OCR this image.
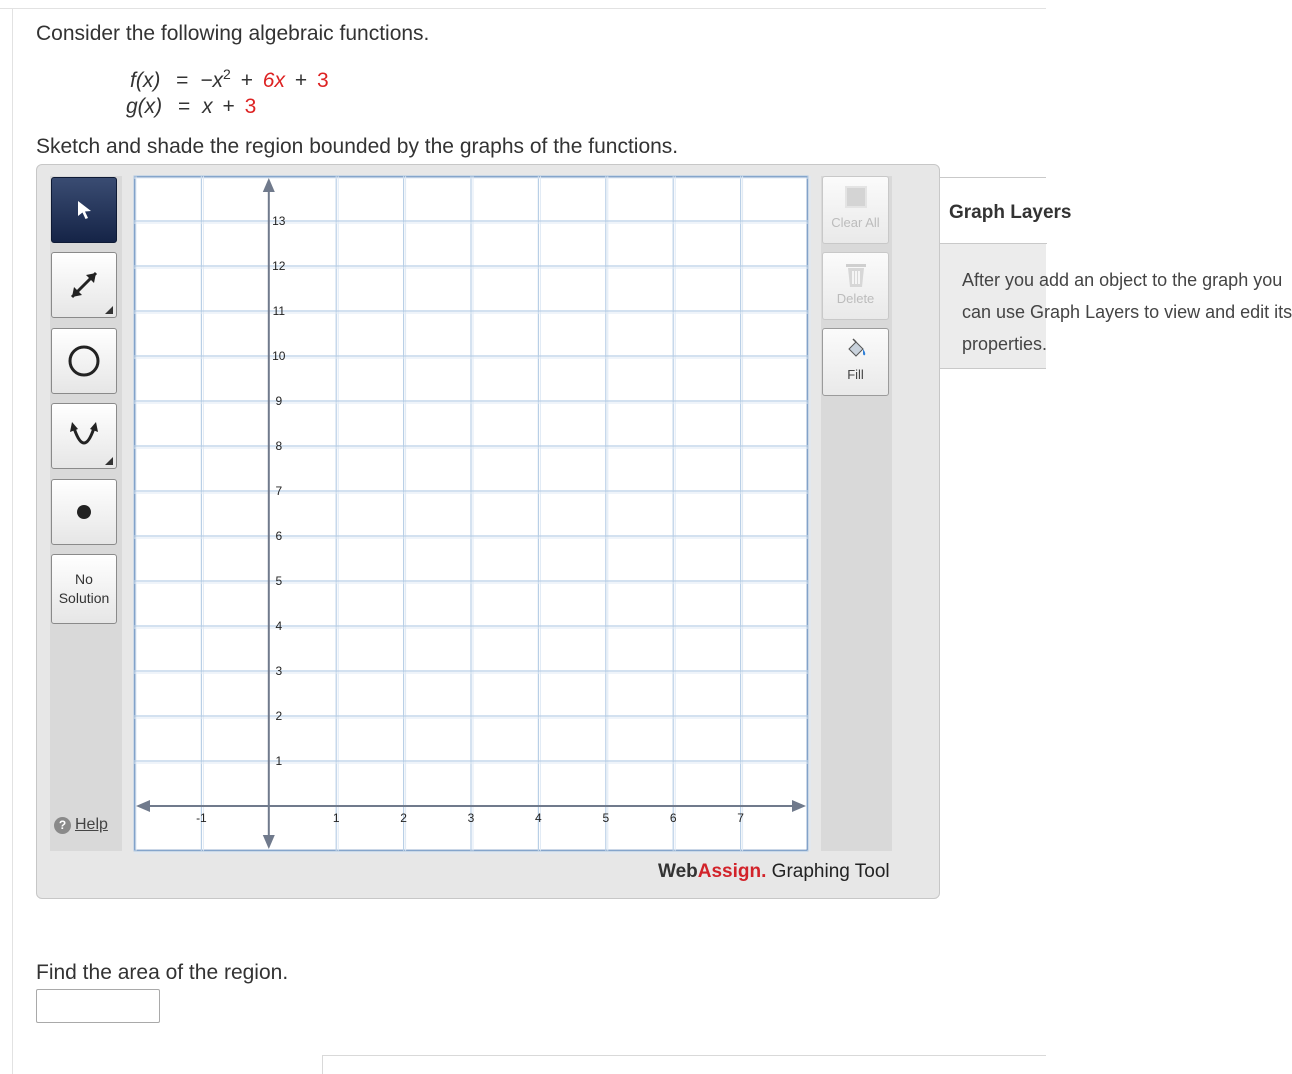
Consider the following algebraic functions.
$f(x) = -x^2 + 6x + 3$
g(x) = x + 3
Sketch and shade the region bounded by the graphs of the functions.
No
Solution
? Help
Clear All
Delete
Fill
-1	1	2	3	4	5	6	7
1
2
3
4
5
6
7
8
9
10
11
12
13
WebAssign. Graphing Tool
Graph Layers
After you add an object to the graph you
can use Graph Layers to view and edit its
properties.
Find the area of the region.
